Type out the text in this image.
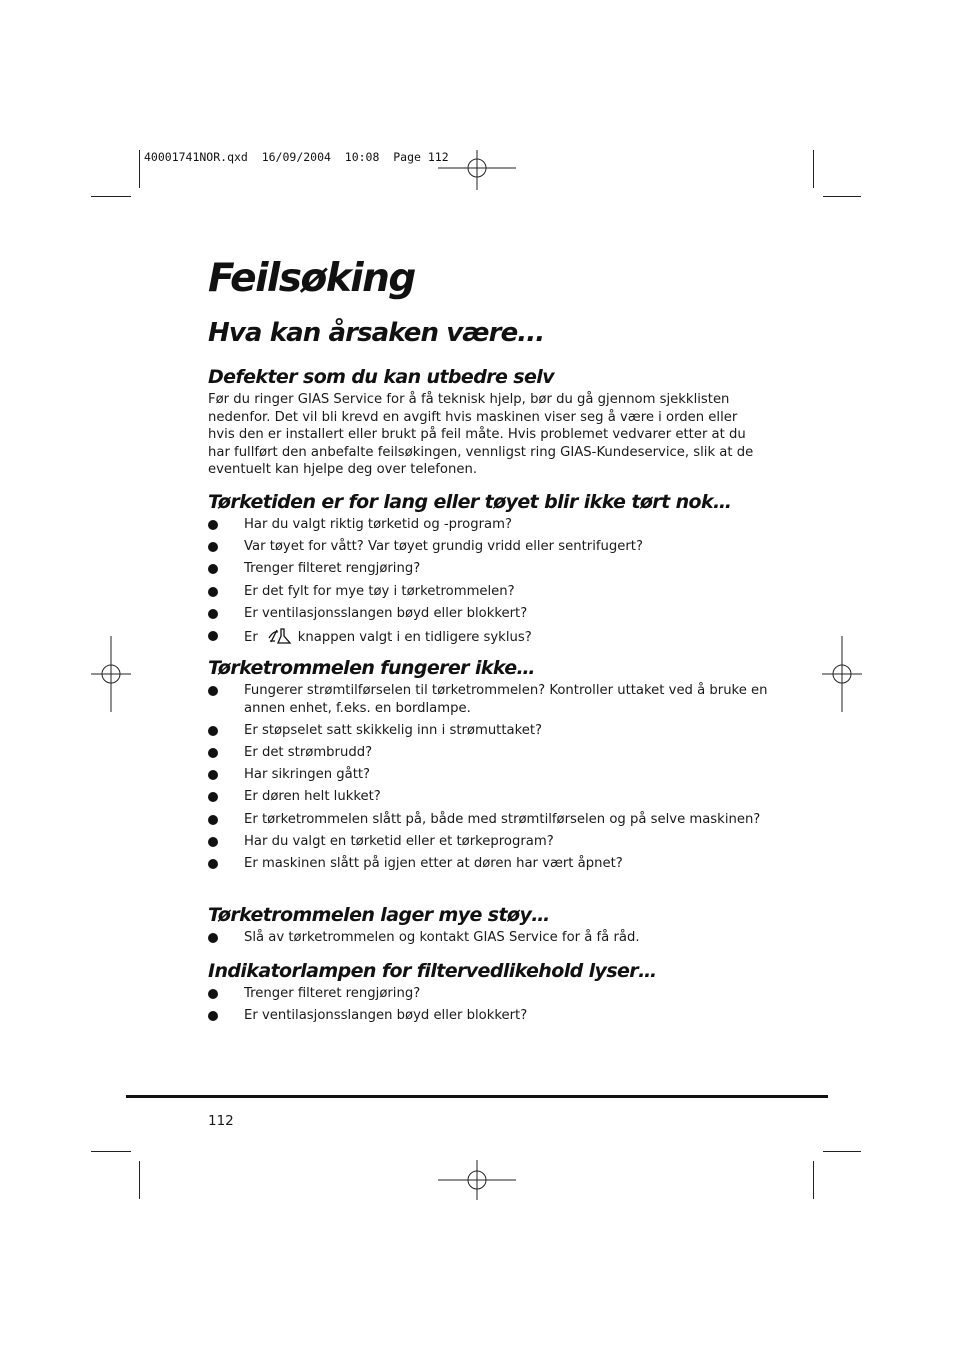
40001741NOR.qxd  16/09/2004  10:08  Page 112
Feilsøking
Hva kan årsaken være...
Defekter som du kan utbedre selv

Før du ringer GIAS Service for å få teknisk hjelp, bør du gå gjennom sjekklisten nedenfor. Det vil bli krevd en avgift hvis maskinen viser seg å være i orden eller hvis den er installert eller brukt på feil måte. Hvis problemet vedvarer etter at du har fullført den anbefalte feilsøkingen, vennligst ring GIAS-Kundeservice, slik at de eventuelt kan hjelpe deg over telefonen.

Tørketiden er for lang eller tøyet blir ikke tørt nok…
Har du valgt riktig tørketid og -program?
Var tøyet for vått? Var tøyet grundig vridd eller sentrifugert?
Trenger filteret rengjøring?
Er det fylt for mye tøy i tørketrommelen?
Er ventilasjonsslangen bøyd eller blokkert?
Er	knappen valgt i en tidligere syklus?
Tørketrommelen fungerer ikke…
Fungerer strømtilførselen til tørketrommelen? Kontroller uttaket ved å bruke en annen enhet, f.eks. en bordlampe.
Er støpselet satt skikkelig inn i strømuttaket?
Er det strømbrudd?
Har sikringen gått?
Er døren helt lukket?
Er tørketrommelen slått på, både med strømtilførselen og på selve maskinen?
Har du valgt en tørketid eller et tørkeprogram?
Er maskinen slått på igjen etter at døren har vært åpnet?
Tørketrommelen lager mye støy…
Slå av tørketrommelen og kontakt GIAS Service for å få råd.
Indikatorlampen for filtervedlikehold lyser…
Trenger filteret rengjøring?
Er ventilasjonsslangen bøyd eller blokkert?
112
